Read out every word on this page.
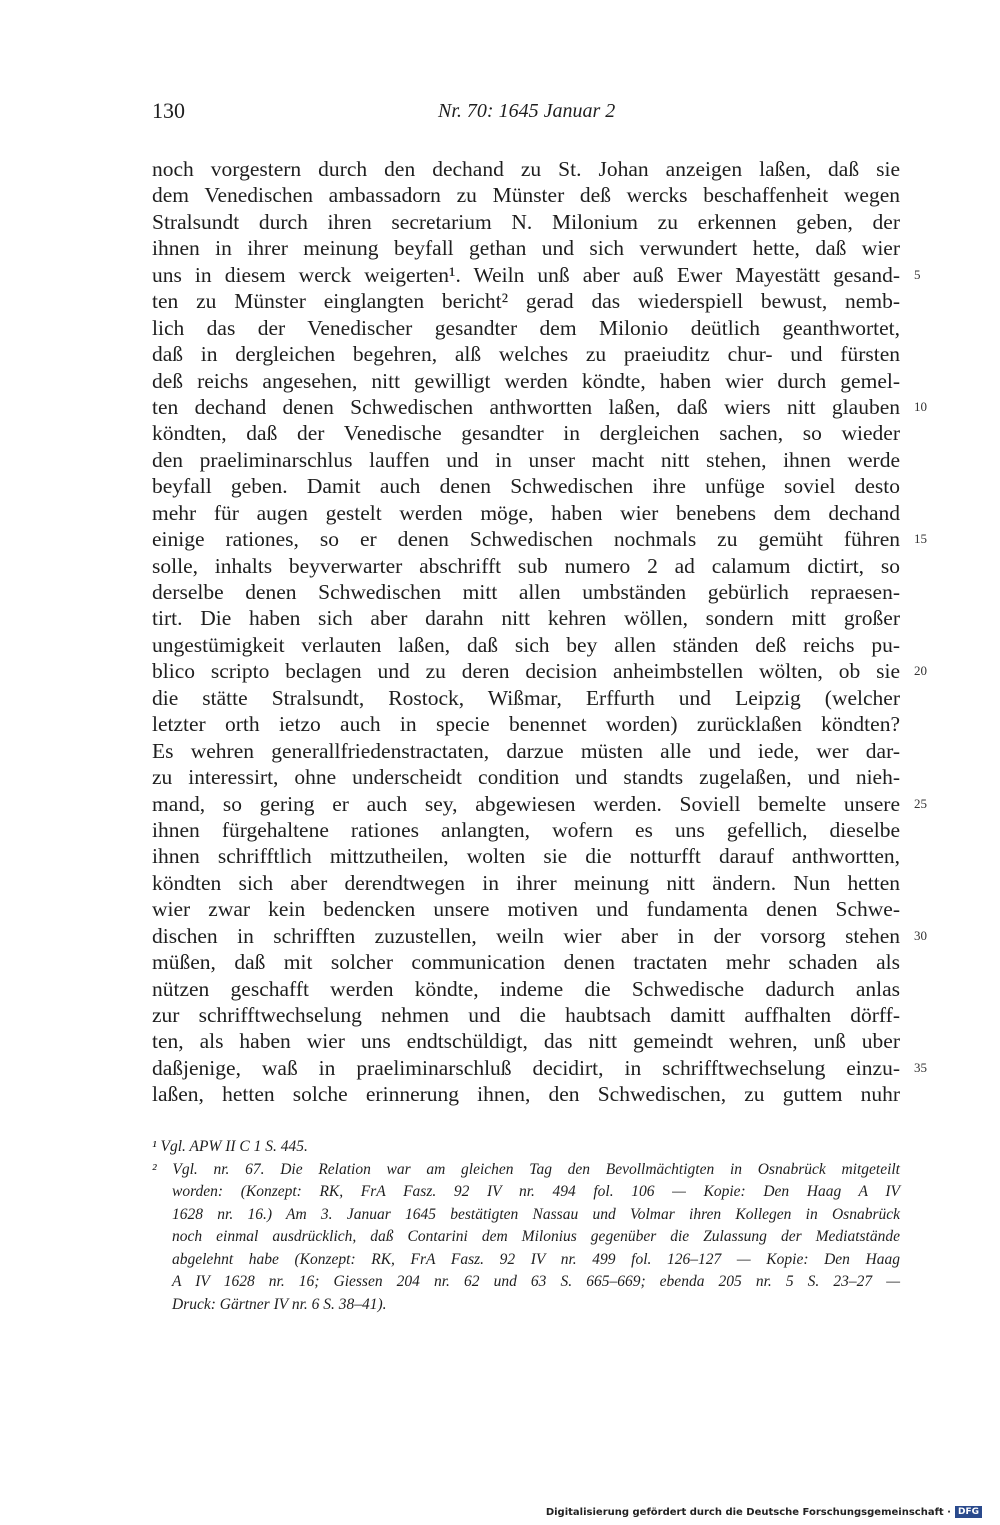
130	Nr. 70: 1645 Januar 2
noch vorgestern durch den dechand zu St. Johan anzeigen laßen, daß sie
dem Venedischen ambassadorn zu Münster deß wercks beschaffenheit wegen
Stralsundt durch ihren secretarium N. Milonium zu erkennen geben, der
ihnen in ihrer meinung beyfall gethan und sich verwundert hette, daß wier
uns in diesem werck weigerten¹. Weiln unß aber auß Ewer Mayestätt gesand- 5
ten zu Münster einglangten bericht² gerad das wiederspiell bewust, nemb-
lich das der Venedischer gesandter dem Milonio deütlich geanthwortet,
daß in dergleichen begehren, alß welches zu praeiuditz chur- und fürsten
deß reichs angesehen, nitt gewilligt werden köndte, haben wier durch gemel-
ten dechand denen Schwedischen anthwortten laßen, daß wiers nitt glauben 10
köndten, daß der Venedische gesandter in dergleichen sachen, so wieder
den praeliminarschlus lauffen und in unser macht nitt stehen, ihnen werde
beyfall geben. Damit auch denen Schwedischen ihre unfüge soviel desto
mehr für augen gestelt werden möge, haben wier benebens dem dechand
einige rationes, so er denen Schwedischen nochmals zu gemüht führen 15
solle, inhalts beyverwarter abschrifft sub numero 2 ad calamum dictirt, so
derselbe denen Schwedischen mitt allen umbständen gebürlich repraesen-
tirt. Die haben sich aber darahn nitt kehren wöllen, sondern mitt großer
ungestümigkeit verlauten laßen, daß sich bey allen ständen deß reichs pu-
blico scripto beclagen und zu deren decision anheimbstellen wölten, ob sie 20
die stätte Stralsundt, Rostock, Wißmar, Erffurth und Leipzig (welcher
letzter orth ietzo auch in specie benennet worden) zurücklaßen köndten?
Es wehren generallfriedenstractaten, darzue müsten alle und iede, wer dar-
zu interessirt, ohne underscheidt condition und standts zugelaßen, und nieh-
mand, so gering er auch sey, abgewiesen werden. Soviell bemelte unsere 25
ihnen fürgehaltene rationes anlangten, wofern es uns gefellich, dieselbe
ihnen schrifftlich mittzutheilen, wolten sie die notturfft darauf anthwortten,
köndten sich aber derendtwegen in ihrer meinung nitt ändern. Nun hetten
wier zwar kein bedencken unsere motiven und fundamenta denen Schwe-
dischen in schrifften zuzustellen, weiln wier aber in der vorsorg stehen 30
müßen, daß mit solcher communication denen tractaten mehr schaden als
nützen geschafft werden köndte, indeme die Schwedische dadurch anlas
zur schrifftwechselung nehmen und die haubtsach damitt auffhalten dörff-
ten, als haben wier uns endtschüldigt, das nitt gemeindt wehren, unß uber
daßjenige, waß in praeliminarschluß decidirt, in schrifftwechselung einzu- 35
laßen, hetten solche erinnerung ihnen, den Schwedischen, zu guttem nuhr
¹ Vgl. APW II C 1 S. 445.
² Vgl. nr. 67. Die Relation war am gleichen Tag den Bevollmächtigten in Osnabrück mitgeteilt
worden: (Konzept: RK, FrA Fasz. 92 IV nr. 494 fol. 106 — Kopie: Den Haag A IV
1628 nr. 16.) Am 3. Januar 1645 bestätigten Nassau und Volmar ihren Kollegen in Osnabrück
noch einmal ausdrücklich, daß Contarini dem Milonius gegenüber die Zulassung der Mediatstände
abgelehnt habe (Konzept: RK, FrA Fasz. 92 IV nr. 499 fol. 126–127 — Kopie: Den Haag
A IV 1628 nr. 16; Giessen 204 nr. 62 und 63 S. 665–669; ebenda 205 nr. 5 S. 23–27 —
Druck: Gärtner IV nr. 6 S. 38–41).
Digitalisierung gefördert durch die Deutsche Forschungsgemeinschaft · DFG
